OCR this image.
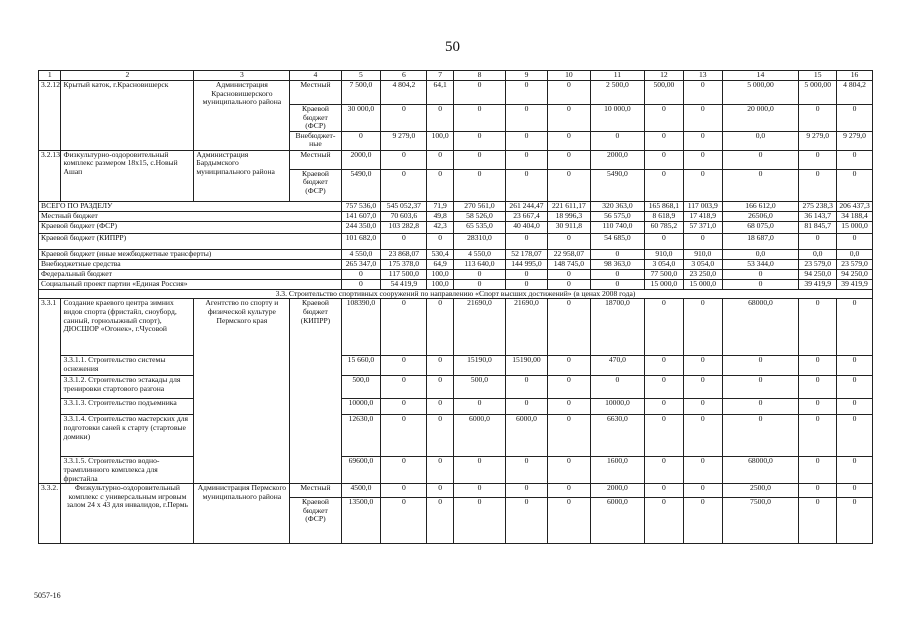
50
1	2	3	4	5	6	7	8	9	10	11	12	13	14	15	16
3.2.12	Крытый каток, г.Красновишерск	Администрация Красновишерского муниципального района	Местный	7 500,0	4 804,2	64,1	0	0	0	2 500,0	500,00	0	5 000,00	5 000,00	4 804,2
			Краевой бюджет (ФСР)	30 000,0	0	0	0	0	0	10 000,0	0	0	20 000,0	0	0
			Внебюджет-ные	0	9 279,0	100,0	0	0	0	0	0	0	0,0	9 279,0	9 279,0
3.2.13	Физкультурно-оздоровительный комплекс размером 18х15, с.Новый Ашап	Администрация Бардымского муниципального района	Местный	2000,0	0	0	0	0	0	2000,0	0	0	0	0	0
			Краевой бюджет (ФСР)	5490,0	0	0	0	0	0	5490,0	0	0	0	0	0
ВСЕГО ПО РАЗДЕЛУ				757 536,0	545 052,37	71,9	270 561,0	261 244,47	221 611,17	320 363,0	165 868,1	117 003,9	166 612,0	275 238,3	206 437,3
Местный бюджет				141 607,0	70 603,6	49,8	58 526,0	23 667,4	18 996,3	56 575,0	8 618,9	17 418,9	26506,0	36 143,7	34 188,4
Краевой бюджет (ФСР)				244 350,0	103 282,8	42,3	65 535,0	40 404,0	30 911,8	110 740,0	60 785,2	57 371,0	68 075,0	81 845,7	15 000,0
Краевой бюджет (КИПРР)				101 682,0	0	0	28310,0	0	0	54 685,0	0	0	18 687,0	0	0
Краевой бюджет (иные межбюджетные трансферты)				4 550,0	23 868,07	530,4	4 550,0	52 178,07	22 958,07	0	910,0	910,0	0,0	0,0	0,0
Внебюджетные средства				265 347,0	175 378,0	64,9	113 640,0	144 995,0	148 745,0	98 363,0	3 054,0	3 054,0	53 344,0	23 579,0	23 579,0
Федеральный бюджет				0	117 500,0	100,0	0	0	0	0	77 500,0	23 250,0	0	94 250,0	94 250,0
Социальный проект партии «Единая Россия»				0	54 419,9	100,0	0	0	0	0	15 000,0	15 000,0	0	39 419,9	39 419,9
3.3. Строительство спортивных сооружений по направлению «Спорт высших достижений» (в ценах 2008 года)															
3.3.1	Создание краевого центра зимних видов спорта (фристайл, сноуборд, санный, горнолыжный спорт), ДЮСШОР «Огонек», г.Чусовой	Агентство по спорту и физической культуре Пермского края	Краевой бюджет (КИПРР)	108390,0	0	0	21690,0	21690,0	0	18700,0	0	0	68000,0	0	0
	3.3.1.1. Строительство системы оснежения			15 660,0	0	0	15190,0	15190,00	0	470,0	0	0	0	0	0
	3.3.1.2. Строительство эстакады для тренировки стартового разгона			500,0	0	0	500,0	0	0	0	0	0	0	0	0
	3.3.1.3. Строительство подъемника			10000,0	0	0	0	0	0	10000,0	0	0	0	0	0
	3.3.1.4. Строительство мастерских для подготовки саней к старту (стартовые домики)			12630,0	0	0	6000,0	6000,0	0	6630,0	0	0	0	0	0
	3.3.1.5. Строительство водно-трамплинного комплекса для фристайла			69600,0	0	0	0	0	0	1600,0	0	0	68000,0	0	0
3.3.2.	Физкультурно-оздоровительный комплекс с универсальным игровым залом 24 х 43 для инвалидов, г.Пермь	Администрация Пермского муниципального района	Местный	4500,0	0	0	0	0	0	2000,0	0	0	2500,0	0	0
			Краевой бюджет (ФСР)	13500,0	0	0	0	0	0	6000,0	0	0	7500,0	0	0
5057-16
